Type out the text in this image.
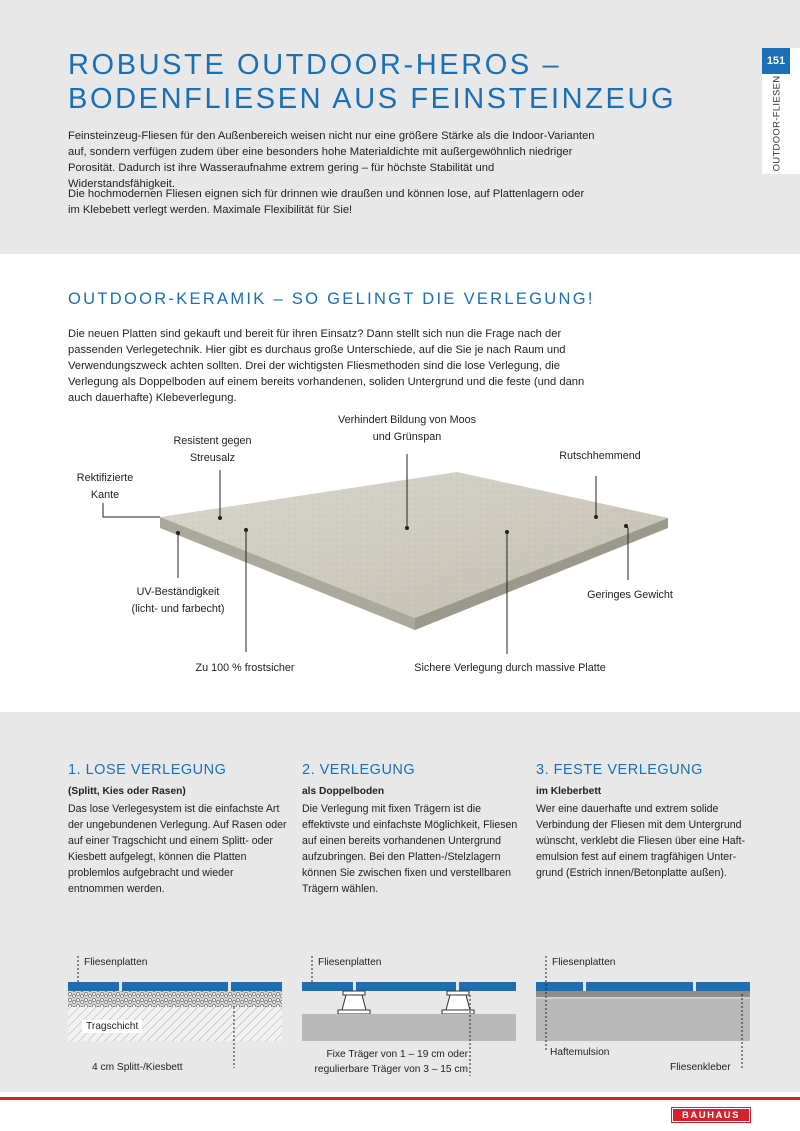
ROBUSTE OUTDOOR-HEROS –
BODENFLIESEN AUS FEINSTEINZEUG
151
OUTDOOR-FLIESEN

Feinsteinzeug-Fliesen für den Außenbereich weisen nicht nur eine größere Stärke als die Indoor-Varianten auf, sondern verfügen zudem über eine besonders hohe Materialdichte mit außergewöhnlich niedriger Porosität. Dadurch ist ihre Wasseraufnahme extrem gering – für höchste Stabilität und Widerstandsfähigkeit.

Die hochmodernen Fliesen eignen sich für drinnen wie draußen und können lose, auf Plattenlagern oder im Klebebett verlegt werden. Maximale Flexibilität für Sie!

OUTDOOR-KERAMIK – SO GELINGT DIE VERLEGUNG!

Die neuen Platten sind gekauft und bereit für ihren Einsatz? Dann stellt sich nun die Frage nach der passenden Verlegetechnik. Hier gibt es durchaus große Unterschiede, auf die Sie je nach Raum und Verwendungszweck achten sollten. Drei der wichtigsten Fliesmethoden sind die lose Verlegung, die Verlegung als Doppelboden auf einem bereits vorhandenen, soliden Untergrund und die feste (und dann auch dauerhafte) Klebeverlegung.

Verhindert Bildung von Moos
und Grünspan
Resistent gegen
Streusalz
Rektifizierte
Kante
Rutschhemmend
UV-Beständigkeit
(licht- und farbecht)
Geringes Gewicht
Zu 100 % frostsicher	Sichere Verlegung durch massive Platte
1. LOSE VERLEGUNG
(Splitt, Kies oder Rasen)
Das lose Verlegesystem ist die einfachste Art der ungebundenen Verlegung. Auf Rasen oder auf einer Tragschicht und einem Splitt- oder Kiesbett aufgelegt, können die Platten problemlos aufgebracht und wieder entnommen werden.
2. VERLEGUNG
als Doppelboden
Die Verlegung mit fixen Trägern ist die effektivste und einfachste Möglichkeit, Fliesen auf einen bereits vorhandenen Untergrund aufzubringen. Bei den Platten-/Stelzlagern können Sie zwischen fixen und verstellbaren Trägern wählen.
3. FESTE VERLEGUNG
im Kleberbett
Wer eine dauerhafte und extrem solide Verbindung der Fliesen mit dem Untergrund wünscht, verklebt die Fliesen über eine Haft-emulsion fest auf einem tragfähigen Unter-grund (Estrich innen/Betonplatte außen).
Fliesenplatten
Tragschicht
4 cm Splitt-/Kiesbett
Fliesenplatten
Fixe Träger von 1 – 19 cm oder
regulierbare Träger von 3 – 15 cm
Fliesenplatten
Haftemulsion
Fliesenkleber
BAUHAUS
